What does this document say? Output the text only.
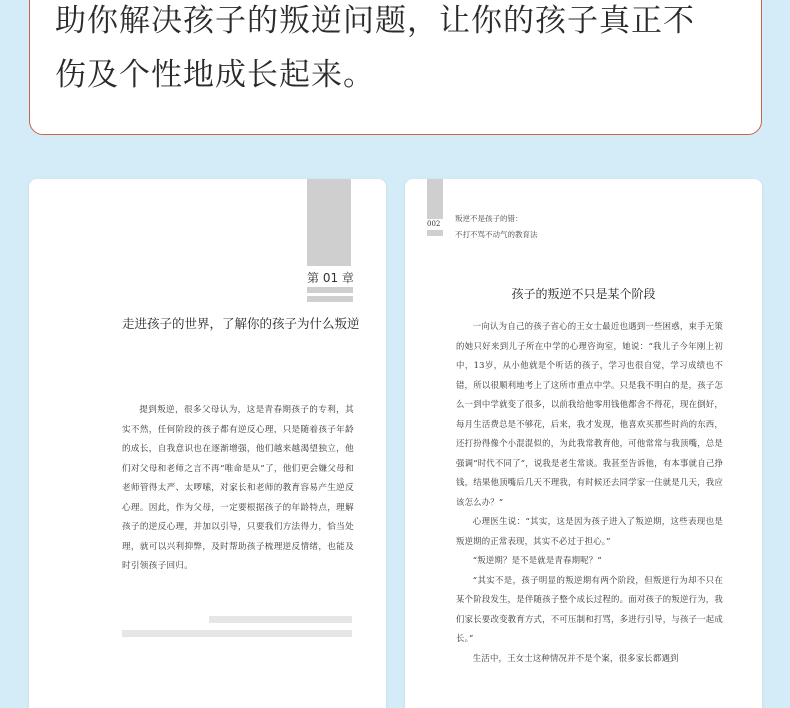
助你解决孩子的叛逆问题，让你的孩子真正不
伤及个性地成长起来。
第 01 章
走进孩子的世界，了解你的孩子为什么叛逆

提到叛逆，很多父母认为，这是青春期孩子的专利，其实不然，任何阶段的孩子都有逆反心理，只是随着孩子年龄的成长，自我意识也在逐渐增强，他们越来越渴望独立，他们对父母和老师之言不再“唯命是从”了，他们更会嫌父母和老师管得太严、太啰嗦，对家长和老师的教育容易产生逆反心理。因此，作为父母，一定要根据孩子的年龄特点，理解孩子的逆反心理，并加以引导，只要我们方法得力，恰当处理，就可以兴利抑弊，及时帮助孩子梳理逆反情绪，也能及时引领孩子回归。

002
叛逆不是孩子的错：
不打不骂不动气的教育法
孩子的叛逆不只是某个阶段

一向认为自己的孩子省心的王女士最近也遇到一些困惑，束手无策的她只好来到儿子所在中学的心理咨询室，她说：“我儿子今年刚上初中，13岁，从小他就是个听话的孩子，学习也很自觉，学习成绩也不错，所以很顺利地考上了这所市重点中学。只是我不明白的是，孩子怎么一到中学就变了很多，以前我给他零用钱他都舍不得花，现在倒好，每月生活费总是不够花，后来，我才发现，他喜欢买那些时尚的东西，还打扮得像个小混混似的，为此我常教育他，可他常常与我顶嘴，总是强调“时代不同了”，说我是老生常谈。我甚至告诉他，有本事就自己挣钱，结果他顶嘴后几天不理我，有时候还去同学家一住就是几天，我应该怎么办？”

心理医生说：“其实，这是因为孩子进入了叛逆期，这些表现也是叛逆期的正常表现，其实不必过于担心。”

“叛逆期？是不是就是青春期呢？”

“其实不是，孩子明显的叛逆期有两个阶段，但叛逆行为却不只在某个阶段发生，是伴随孩子整个成长过程的。面对孩子的叛逆行为，我们家长要改变教育方式，不可压制和打骂，多进行引导，与孩子一起成长。”

生活中，王女士这种情况并不是个案，很多家长都遇到
